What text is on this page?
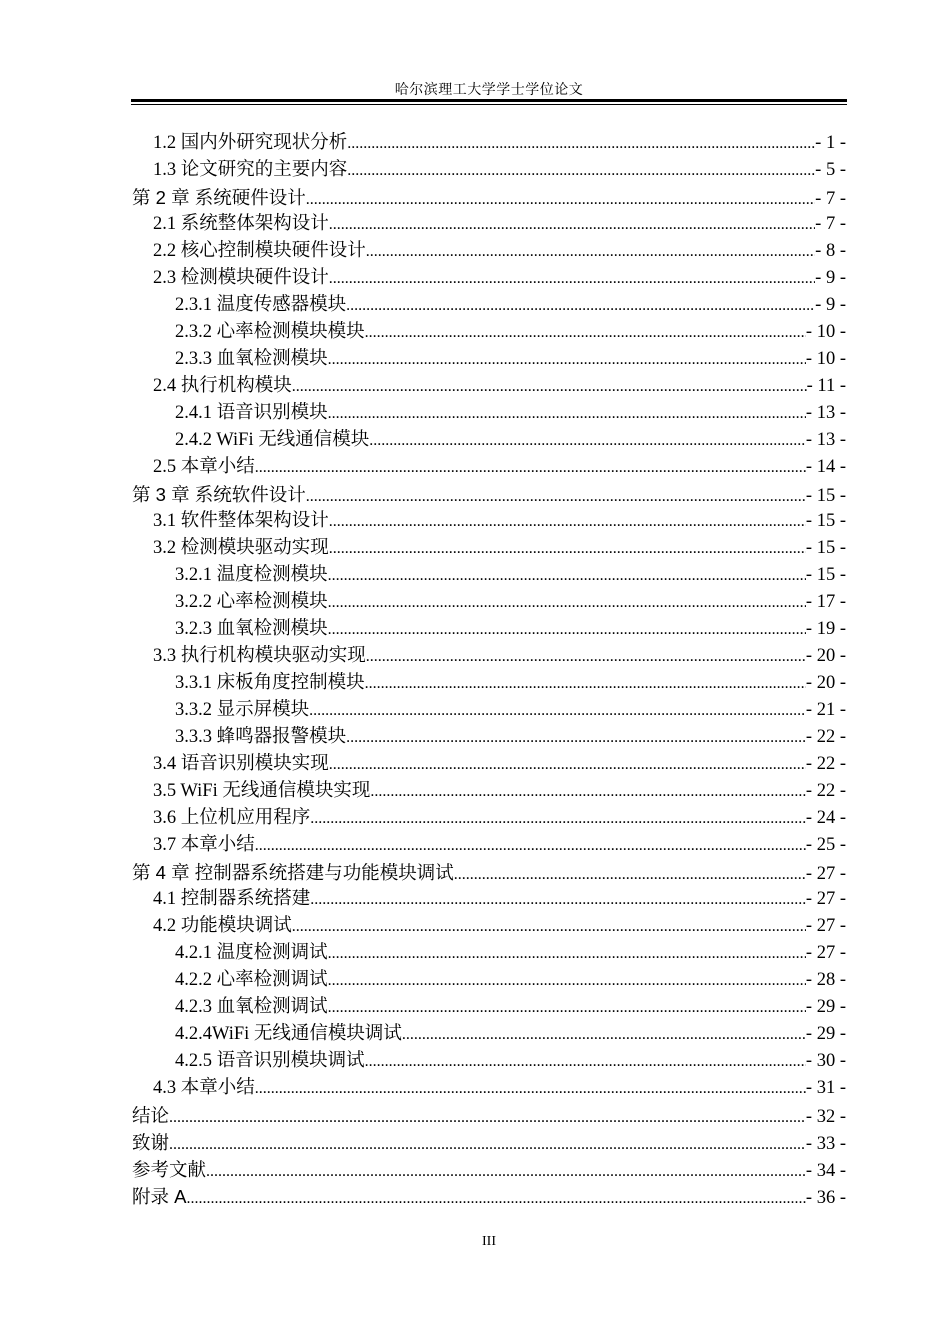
哈尔滨理工大学学士学位论文
1.2 国内外研究现状分析 .....	- 1 -
1.3 论文研究的主要内容 .....	- 5 -
第 2 章 系统硬件设计 .....	- 7 -
2.1 系统整体架构设计 .....	- 7 -
2.2 核心控制模块硬件设计 .....	- 8 -
2.3 检测模块硬件设计 .....	- 9 -
2.3.1 温度传感器模块 .....	- 9 -
2.3.2 心率检测模块模块 .....	- 10 -
2.3.3 血氧检测模块 .....	- 10 -
2.4 执行机构模块 .....	- 11 -
2.4.1 语音识别模块 .....	- 13 -
2.4.2 WiFi 无线通信模块 .....	- 13 -
2.5 本章小结 .....	- 14 -
第 3 章 系统软件设计 .....	- 15 -
3.1 软件整体架构设计 .....	- 15 -
3.2 检测模块驱动实现 .....	- 15 -
3.2.1 温度检测模块 .....	- 15 -
3.2.2 心率检测模块 .....	- 17 -
3.2.3 血氧检测模块 .....	- 19 -
3.3 执行机构模块驱动实现 .....	- 20 -
3.3.1 床板角度控制模块 .....	- 20 -
3.3.2 显示屏模块 .....	- 21 -
3.3.3 蜂鸣器报警模块 .....	- 22 -
3.4 语音识别模块实现 .....	- 22 -
3.5 WiFi 无线通信模块实现 .....	- 22 -
3.6 上位机应用程序 .....	- 24 -
3.7 本章小结 .....	- 25 -
第 4 章 控制器系统搭建与功能模块调试 .....	- 27 -
4.1 控制器系统搭建 .....	- 27 -
4.2 功能模块调试 .....	- 27 -
4.2.1 温度检测调试 .....	- 27 -
4.2.2 心率检测调试 .....	- 28 -
4.2.3 血氧检测调试 .....	- 29 -
4.2.4WiFi 无线通信模块调试 .....	- 29 -
4.2.5 语音识别模块调试 .....	- 30 -
4.3 本章小结 .....	- 31 -
结论 .....	- 32 -
致谢 .....	- 33 -
参考文献 .....	- 34 -
附录 A .....	- 36 -
III
